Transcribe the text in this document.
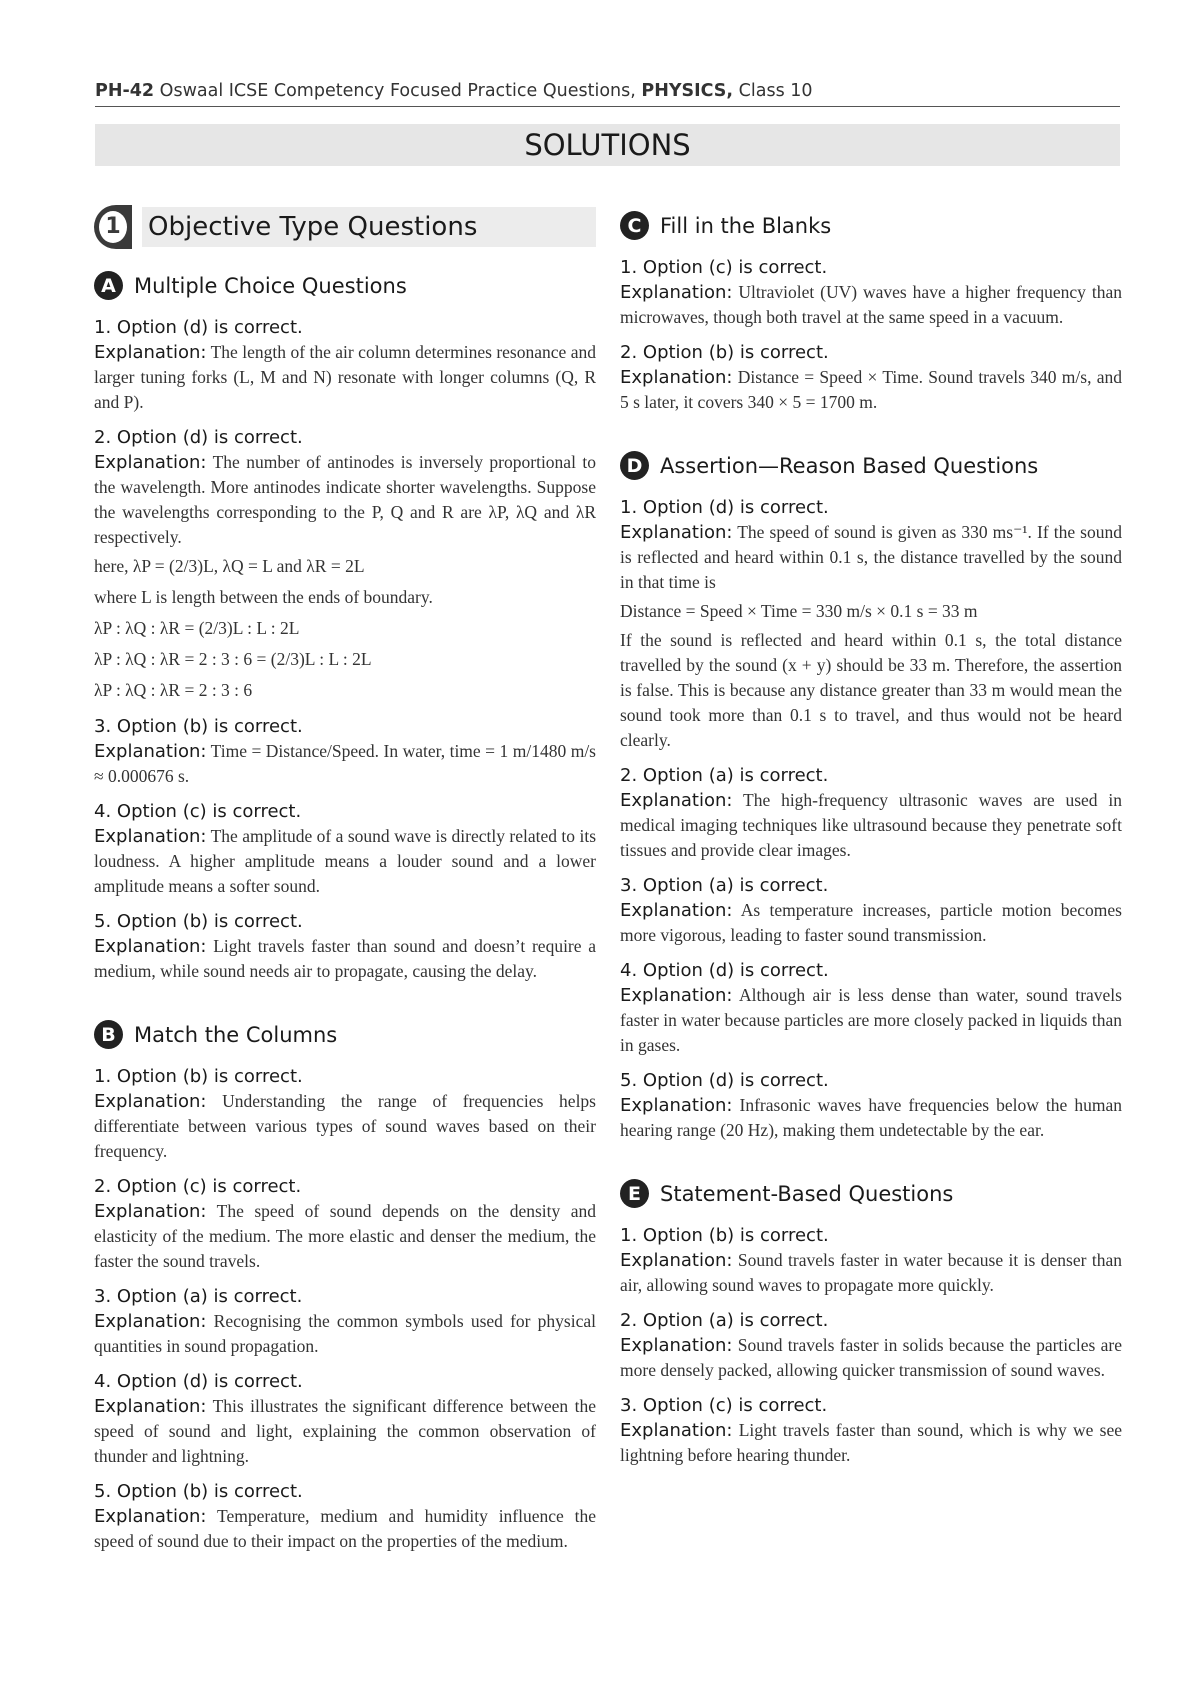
PH-42 Oswaal ICSE Competency Focused Practice Questions, PHYSICS, Class 10
SOLUTIONS
1 Objective Type Questions
A Multiple Choice Questions
1. Option (d) is correct.

Explanation: The length of the air column determines resonance and larger tuning forks (L, M and N) resonate with longer columns (Q, R and P).

2. Option (d) is correct.

Explanation: The number of antinodes is inversely proportional to the wavelength. More antinodes indicate shorter wavelengths. Suppose the wavelengths corresponding to the P, Q and R are λP, λQ and λR respectively.

here, λP = (2/3)L, λQ = L and λR = 2L
where L is length between the ends of boundary.
λP : λQ : λR = (2/3)L : L : 2L
λP : λQ : λR = 2 : 3 : 6 = (2/3)L : L : 2L
λP : λQ : λR = 2 : 3 : 6
3. Option (b) is correct.

Explanation: Time = Distance/Speed. In water, time = 1 m/1480 m/s ≈ 0.000676 s.

4. Option (c) is correct.

Explanation: The amplitude of a sound wave is directly related to its loudness. A higher amplitude means a louder sound and a lower amplitude means a softer sound.

5. Option (b) is correct.

Explanation: Light travels faster than sound and doesn’t require a medium, while sound needs air to propagate, causing the delay.

B Match the Columns
1. Option (b) is correct.

Explanation: Understanding the range of frequencies helps differentiate between various types of sound waves based on their frequency.

2. Option (c) is correct.

Explanation: The speed of sound depends on the density and elasticity of the medium. The more elastic and denser the medium, the faster the sound travels.

3. Option (a) is correct.

Explanation: Recognising the common symbols used for physical quantities in sound propagation.

4. Option (d) is correct.

Explanation: This illustrates the significant difference between the speed of sound and light, explaining the common observation of thunder and lightning.

5. Option (b) is correct.

Explanation: Temperature, medium and humidity influence the speed of sound due to their impact on the properties of the medium.

C Fill in the Blanks
1. Option (c) is correct.

Explanation: Ultraviolet (UV) waves have a higher frequency than microwaves, though both travel at the same speed in a vacuum.

2. Option (b) is correct.

Explanation: Distance = Speed × Time. Sound travels 340 m/s, and 5 s later, it covers 340 × 5 = 1700 m.

D Assertion—Reason Based Questions
1. Option (d) is correct.

Explanation: The speed of sound is given as 330 ms⁻¹. If the sound is reflected and heard within 0.1 s, the distance travelled by the sound in that time is

Distance = Speed × Time = 330 m/s × 0.1 s = 33 m

If the sound is reflected and heard within 0.1 s, the total distance travelled by the sound (x + y) should be 33 m. Therefore, the assertion is false. This is because any distance greater than 33 m would mean the sound took more than 0.1 s to travel, and thus would not be heard clearly.

2. Option (a) is correct.

Explanation: The high-frequency ultrasonic waves are used in medical imaging techniques like ultrasound because they penetrate soft tissues and provide clear images.

3. Option (a) is correct.

Explanation: As temperature increases, particle motion becomes more vigorous, leading to faster sound transmission.

4. Option (d) is correct.

Explanation: Although air is less dense than water, sound travels faster in water because particles are more closely packed in liquids than in gases.

5. Option (d) is correct.

Explanation: Infrasonic waves have frequencies below the human hearing range (20 Hz), making them undetectable by the ear.

E Statement-Based Questions
1. Option (b) is correct.

Explanation: Sound travels faster in water because it is denser than air, allowing sound waves to propagate more quickly.

2. Option (a) is correct.

Explanation: Sound travels faster in solids because the particles are more densely packed, allowing quicker transmission of sound waves.

3. Option (c) is correct.

Explanation: Light travels faster than sound, which is why we see lightning before hearing thunder.
